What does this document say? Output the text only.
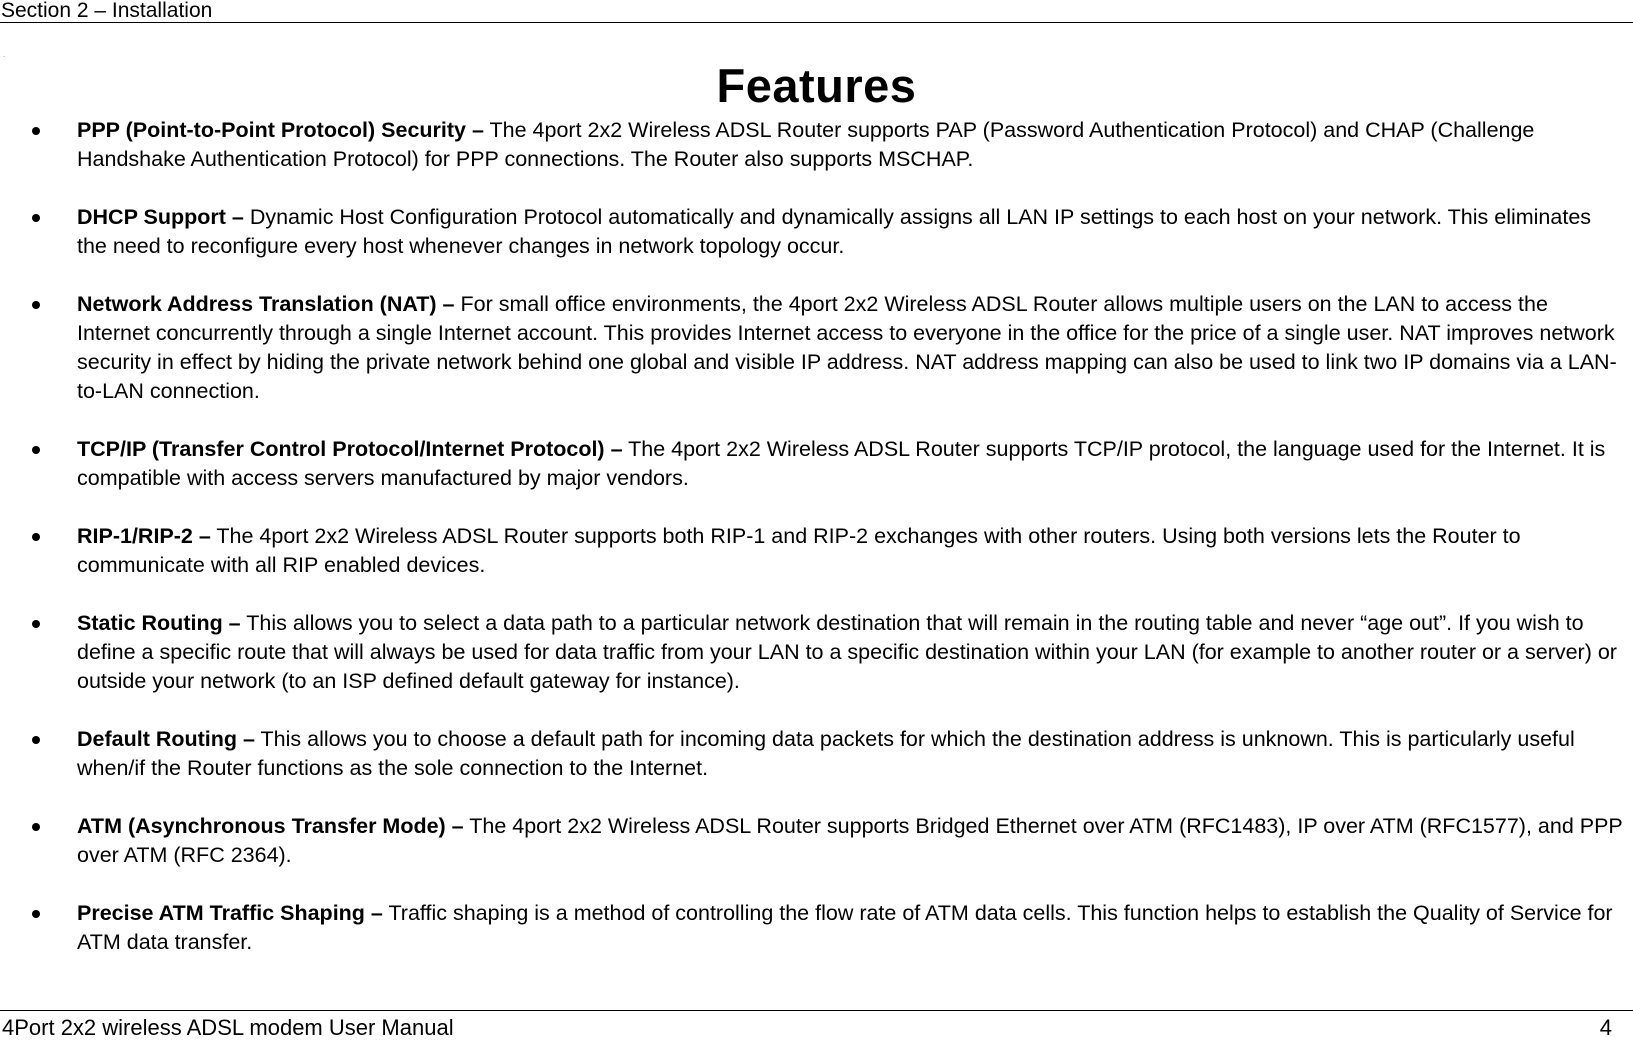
Section 2 – Installation
.
Features
PPP (Point-to-Point Protocol) Security – The 4port 2x2 Wireless ADSL Router supports PAP (Password Authentication Protocol) and CHAP (Challenge Handshake Authentication Protocol) for PPP connections. The Router also supports MSCHAP.
DHCP Support – Dynamic Host Configuration Protocol automatically and dynamically assigns all LAN IP settings to each host on your network. This eliminates the need to reconfigure every host whenever changes in network topology occur.
Network Address Translation (NAT) – For small office environments, the 4port 2x2 Wireless ADSL Router allows multiple users on the LAN to access the Internet concurrently through a single Internet account. This provides Internet access to everyone in the office for the price of a single user. NAT improves network security in effect by hiding the private network behind one global and visible IP address. NAT address mapping can also be used to link two IP domains via a LAN-to-LAN connection.
TCP/IP (Transfer Control Protocol/Internet Protocol) – The 4port 2x2 Wireless ADSL Router supports TCP/IP protocol, the language used for the Internet. It is compatible with access servers manufactured by major vendors.
RIP-1/RIP-2 – The 4port 2x2 Wireless ADSL Router supports both RIP-1 and RIP-2 exchanges with other routers. Using both versions lets the Router to communicate with all RIP enabled devices.
Static Routing – This allows you to select a data path to a particular network destination that will remain in the routing table and never “age out”. If you wish to define a specific route that will always be used for data traffic from your LAN to a specific destination within your LAN (for example to another router or a server) or outside your network (to an ISP defined default gateway for instance).
Default Routing – This allows you to choose a default path for incoming data packets for which the destination address is unknown. This is particularly useful when/if the Router functions as the sole connection to the Internet.
ATM (Asynchronous Transfer Mode) – The 4port 2x2 Wireless ADSL Router supports Bridged Ethernet over ATM (RFC1483), IP over ATM (RFC1577), and PPP over ATM (RFC 2364).
Precise ATM Traffic Shaping – Traffic shaping is a method of controlling the flow rate of ATM data cells. This function helps to establish the Quality of Service for ATM data transfer.
4Port 2x2 wireless ADSL modem User Manual	4
